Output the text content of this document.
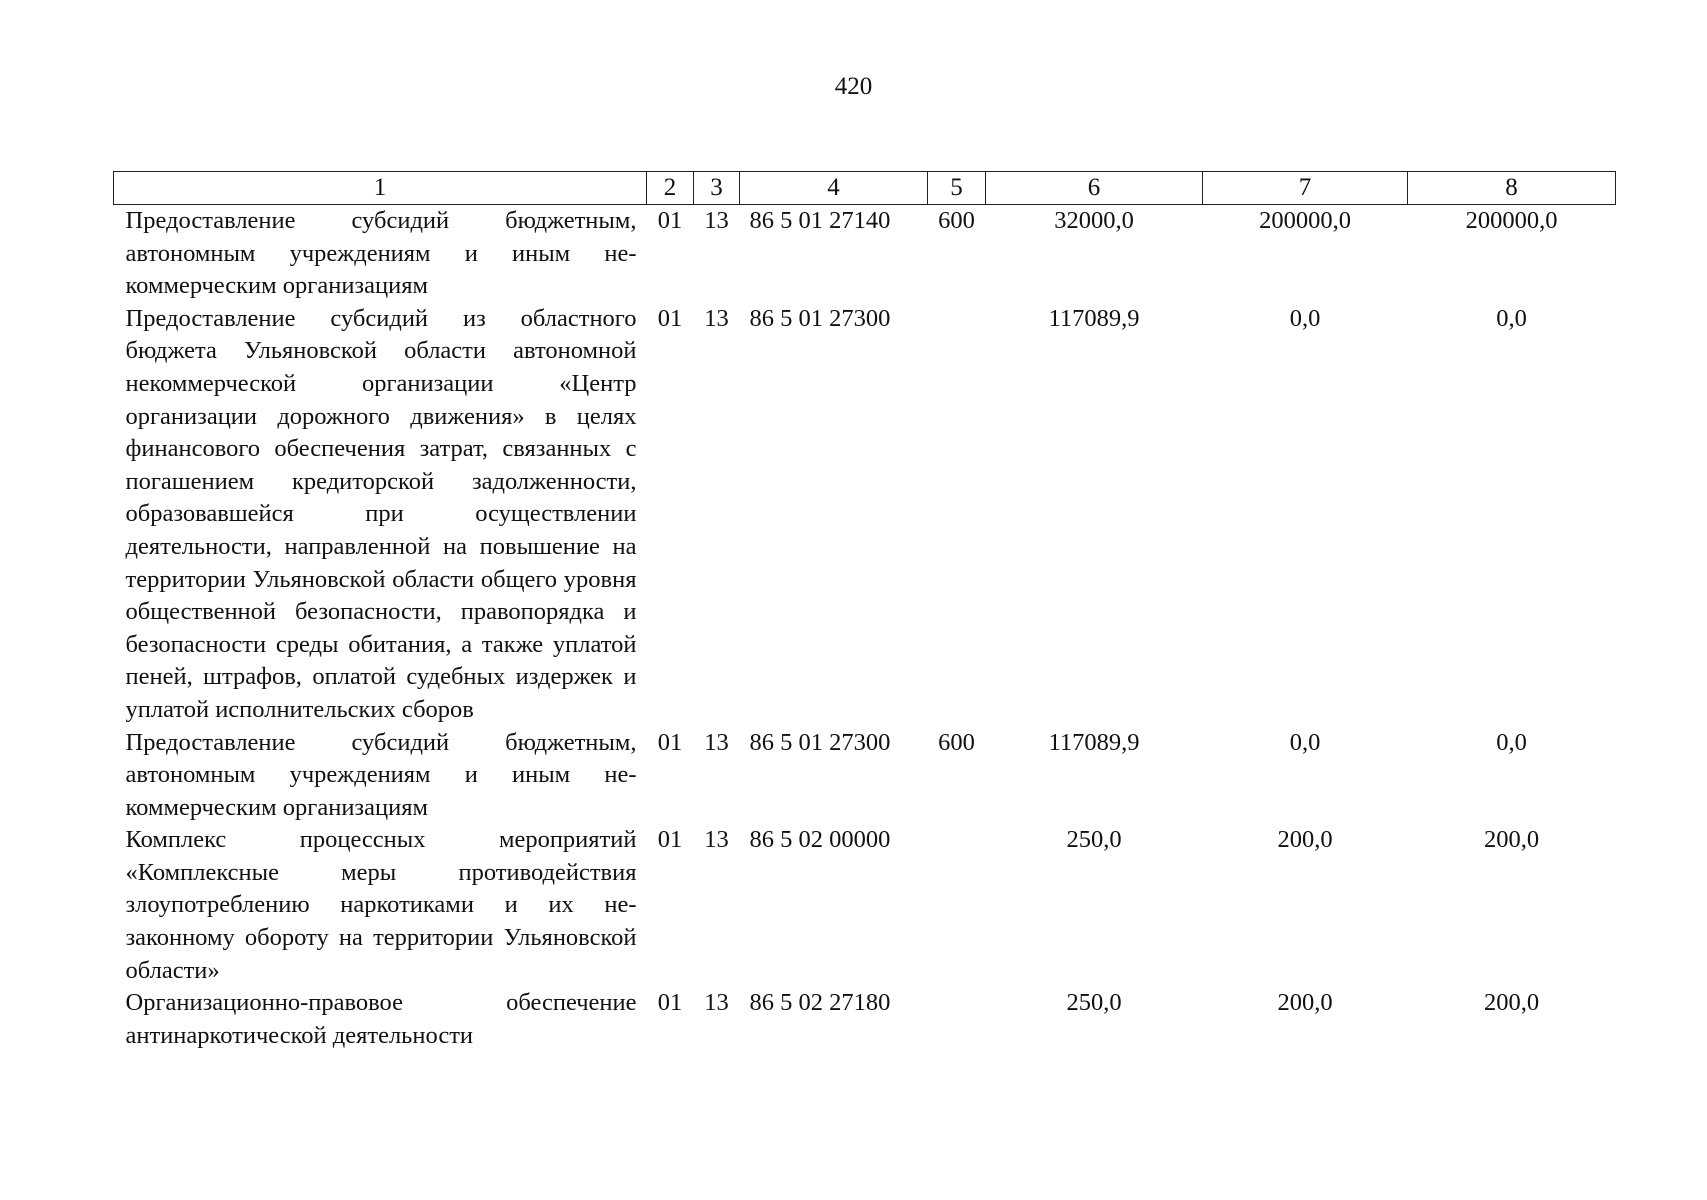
420
1	2	3	4	5	6	7	8
Предоставление субсидий бюджетным, автономным учреждениям и иным некоммерческим организациям	01	13	86 5 01 27140	600	32000,0	200000,0	200000,0
Предоставление субсидий из областного бюджета Ульяновской области автономной некоммерческой организации «Центр организации дорожного движения» в целях финансового обеспечения затрат, связанных с погашением кредиторской задолженности, образовавшейся при осуществлении деятельности, направленной на повышение на территории Ульяновской области общего уровня общественной безопасности, правопорядка и безопасности среды обитания, а также уплатой пеней, штрафов, оплатой судебных издержек и уплатой исполнительских сборов	01	13	86 5 01 27300		117089,9	0,0	0,0
Предоставление субсидий бюджетным, автономным учреждениям и иным некоммерческим организациям	01	13	86 5 01 27300	600	117089,9	0,0	0,0
Комплекс процессных мероприятий «Комплексные меры противодействия злоупотреблению наркотиками и их незаконному обороту на территории Ульяновской области»	01	13	86 5 02 00000		250,0	200,0	200,0
Организационно-правовое обеспечение антинаркотической деятельности	01	13	86 5 02 27180		250,0	200,0	200,0
